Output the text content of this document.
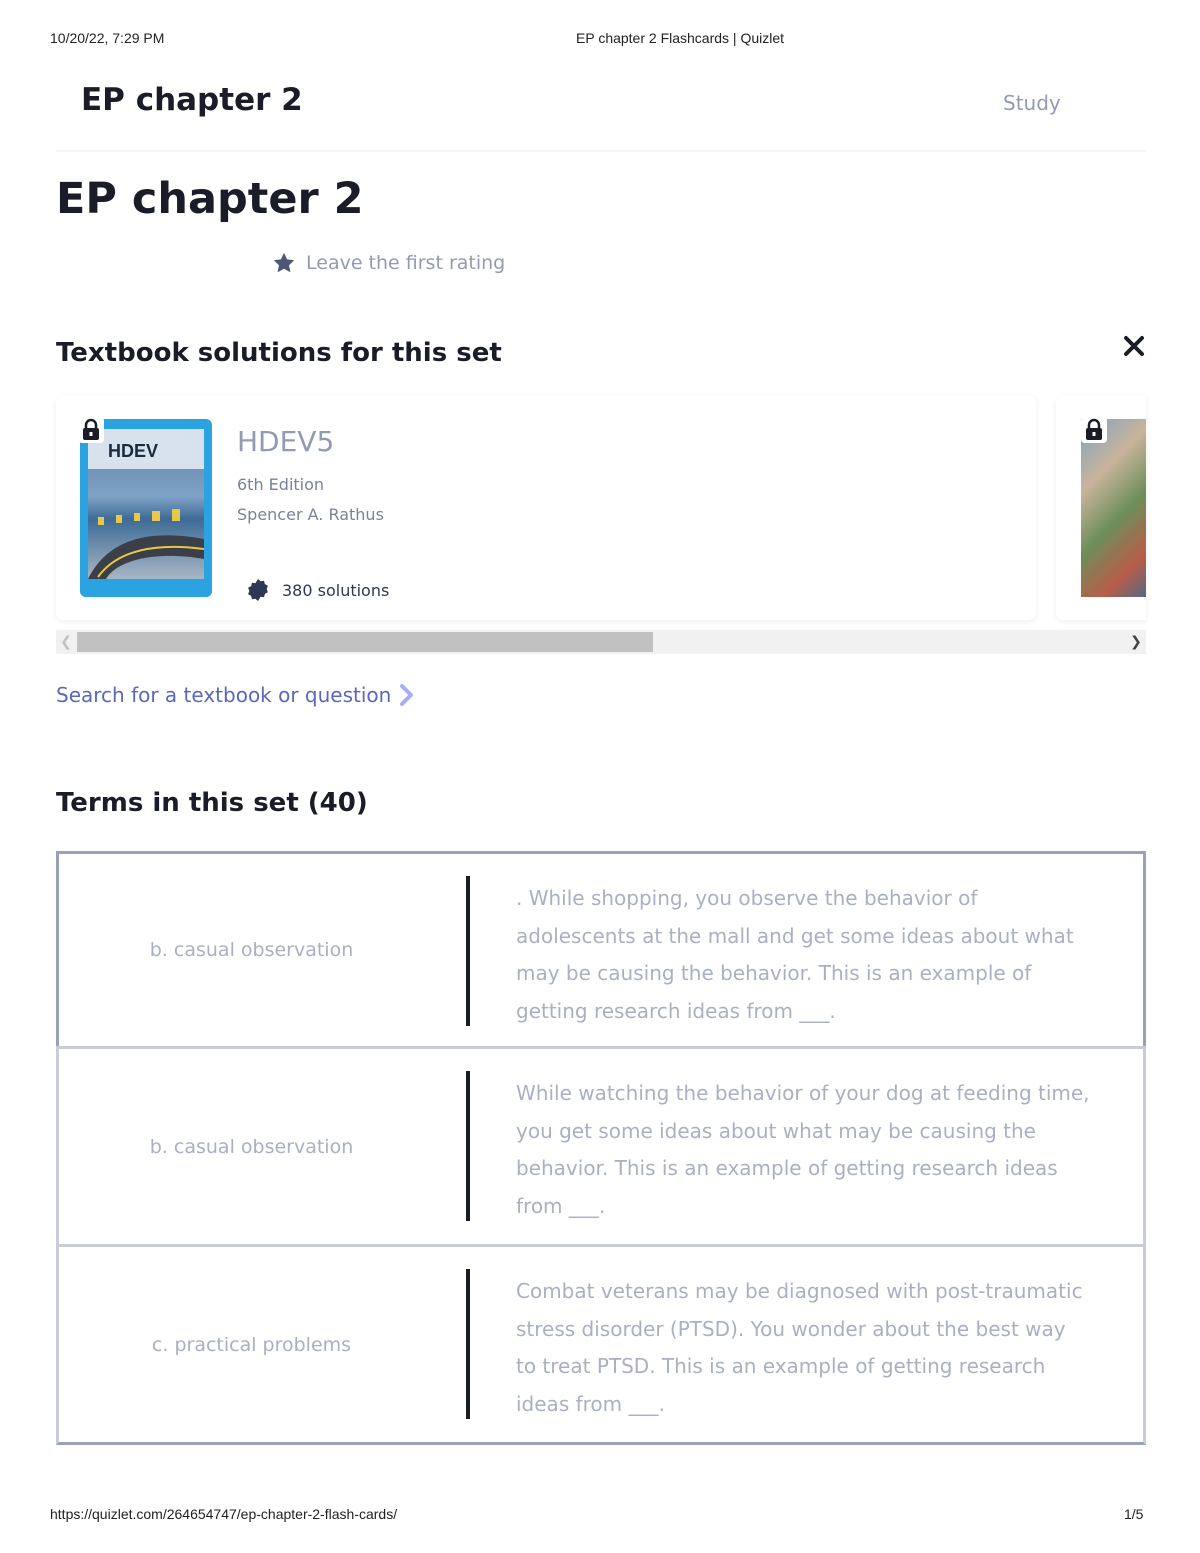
10/20/22, 7:29 PM	EP chapter 2 Flashcards | Quizlet
EP chapter 2	Study
EP chapter 2
Leave the first rating
Textbook solutions for this set
HDEV	HDEV5
6th Edition
Spencer A. Rathus
380 solutions
❮	❯
Search for a textbook or question
Terms in this set (40)
b. casual observation
. While shopping, you observe the behavior of adolescents at the mall and get some ideas about what may be causing the behavior. This is an example of getting research ideas from ___.
b. casual observation
While watching the behavior of your dog at feeding time, you get some ideas about what may be causing the behavior. This is an example of getting research ideas from ___.
c. practical problems
Combat veterans may be diagnosed with post-traumatic stress disorder (PTSD). You wonder about the best way to treat PTSD. This is an example of getting research ideas from ___.
https://quizlet.com/264654747/ep-chapter-2-flash-cards/	1/5
